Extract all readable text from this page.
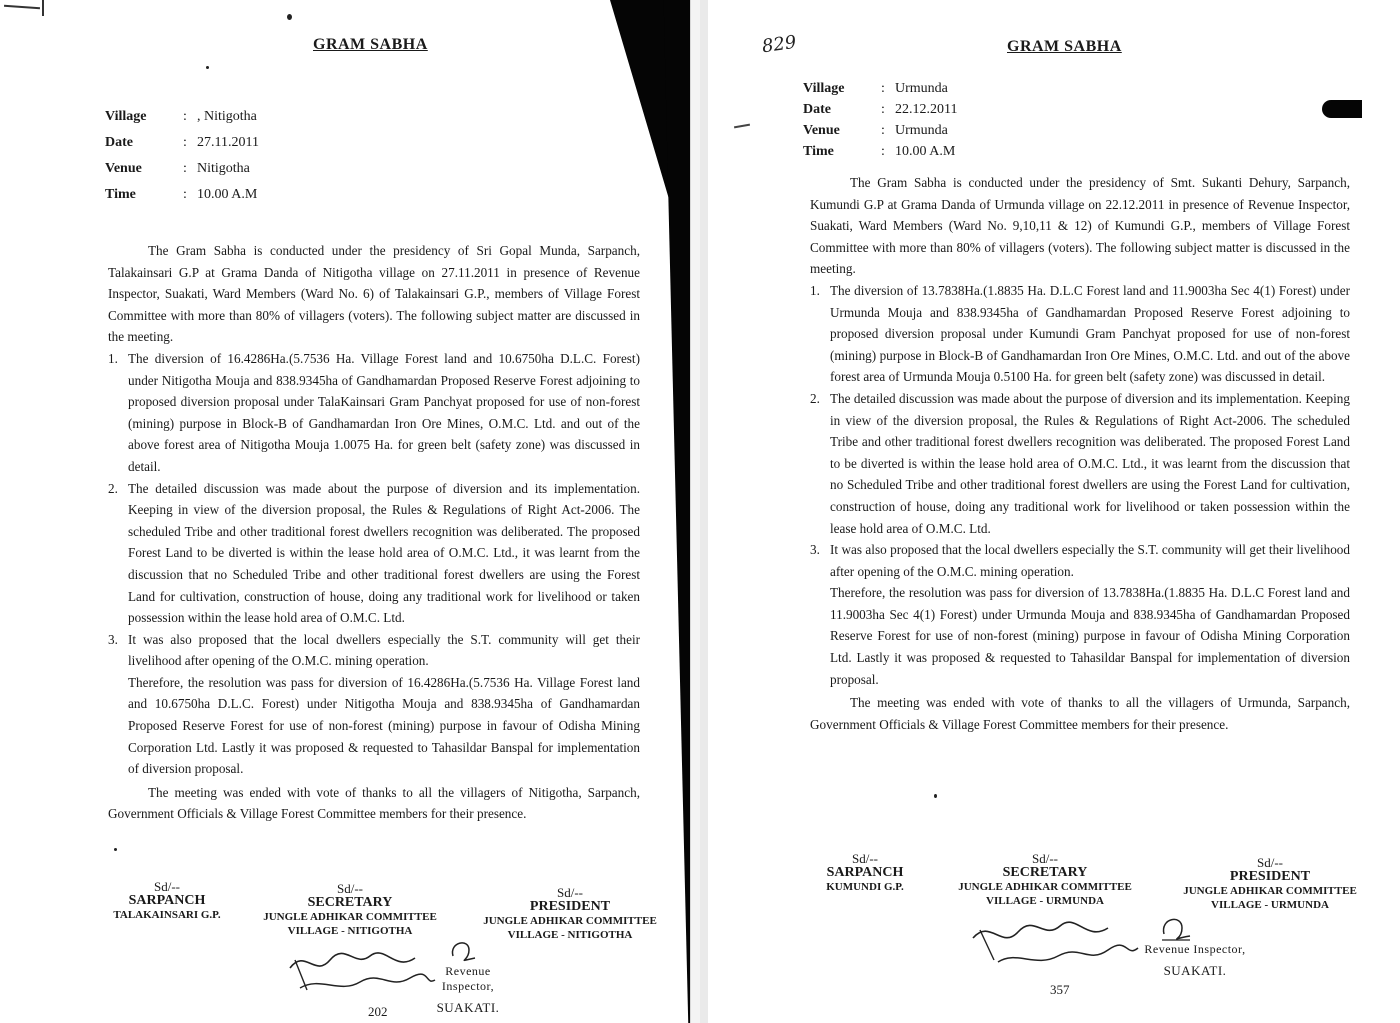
GRAM SABHA
Village	: , Nitigotha
Date	: 27.11.2011
Venue	: Nitigotha
Time	: 10.00 A.M

The Gram Sabha is conducted under the presidency of Sri Gopal Munda, Sarpanch, Talakainsari G.P at Grama Danda of Nitigotha village on 27.11.2011 in presence of Revenue Inspector, Suakati, Ward Members (Ward No. 6) of Talakainsari G.P., members of Village Forest Committee with more than 80% of villagers (voters). The following subject matter are discussed in the meeting.

1. The diversion of 16.4286Ha.(5.7536 Ha. Village Forest land and 10.6750ha D.L.C. Forest) under Nitigotha Mouja and 838.9345ha of Gandhamardan Proposed Reserve Forest adjoining to proposed diversion proposal under TalaKainsari Gram Panchyat proposed for use of non-forest (mining) purpose in Block-B of Gandhamardan Iron Ore Mines, O.M.C. Ltd. and out of the above forest area of Nitigotha Mouja 1.0075 Ha. for green belt (safety zone) was discussed in detail.
2. The detailed discussion was made about the purpose of diversion and its implementation. Keeping in view of the diversion proposal, the Rules & Regulations of Right Act-2006. The scheduled Tribe and other traditional forest dwellers recognition was deliberated. The proposed Forest Land to be diverted is within the lease hold area of O.M.C. Ltd., it was learnt from the discussion that no Scheduled Tribe and other traditional forest dwellers are using the Forest Land for cultivation, construction of house, doing any traditional work for livelihood or taken possession within the lease hold area of O.M.C. Ltd.
3. It was also proposed that the local dwellers especially the S.T. community will get their livelihood after opening of the O.M.C. mining operation.

Therefore, the resolution was pass for diversion of 16.4286Ha.(5.7536 Ha. Village Forest land and 10.6750ha D.L.C. Forest) under Nitigotha Mouja and 838.9345ha of Gandhamardan Proposed Reserve Forest for use of non-forest (mining) purpose in favour of Odisha Mining Corporation Ltd. Lastly it was proposed & requested to Tahasildar Banspal for implementation of diversion proposal.

The meeting was ended with vote of thanks to all the villagers of Nitigotha, Sarpanch, Government Officials & Village Forest Committee members for their presence.

Sd/--
SARPANCH
TALAKAINSARI G.P.
Sd/--
SECRETARY
JUNGLE ADHIKAR COMMITTEE
VILLAGE - NITIGOTHA
Sd/--
PRESIDENT
JUNGLE ADHIKAR COMMITTEE
VILLAGE - NITIGOTHA
Revenue Inspector,
SUAKATI.
202
829	GRAM SABHA
Village	: Urmunda
Date	: 22.12.2011
Venue	: Urmunda
Time	: 10.00 A.M

The Gram Sabha is conducted under the presidency of Smt. Sukanti Dehury, Sarpanch, Kumundi G.P at Grama Danda of Urmunda village on 22.12.2011 in presence of Revenue Inspector, Suakati, Ward Members (Ward No. 9,10,11 & 12) of Kumundi G.P., members of Village Forest Committee with more than 80% of villagers (voters). The following subject matter is discussed in the meeting.

1. The diversion of 13.7838Ha.(1.8835 Ha. D.L.C Forest land and 11.9003ha Sec 4(1) Forest) under Urmunda Mouja and 838.9345ha of Gandhamardan Proposed Reserve Forest adjoining to proposed diversion proposal under Kumundi Gram Panchyat proposed for use of non-forest (mining) purpose in Block-B of Gandhamardan Iron Ore Mines, O.M.C. Ltd. and out of the above forest area of Urmunda Mouja 0.5100 Ha. for green belt (safety zone) was discussed in detail.
2. The detailed discussion was made about the purpose of diversion and its implementation. Keeping in view of the diversion proposal, the Rules & Regulations of Right Act-2006. The scheduled Tribe and other traditional forest dwellers recognition was deliberated. The proposed Forest Land to be diverted is within the lease hold area of O.M.C. Ltd., it was learnt from the discussion that no Scheduled Tribe and other traditional forest dwellers are using the Forest Land for cultivation, construction of house, doing any traditional work for livelihood or taken possession within the lease hold area of O.M.C. Ltd.
3. It was also proposed that the local dwellers especially the S.T. community will get their livelihood after opening of the O.M.C. mining operation.

Therefore, the resolution was pass for diversion of 13.7838Ha.(1.8835 Ha. D.L.C Forest land and 11.9003ha Sec 4(1) Forest) under Urmunda Mouja and 838.9345ha of Gandhamardan Proposed Reserve Forest for use of non-forest (mining) purpose in favour of Odisha Mining Corporation Ltd. Lastly it was proposed & requested to Tahasildar Banspal for implementation of diversion proposal.

The meeting was ended with vote of thanks to all the villagers of Urmunda, Sarpanch, Government Officials & Village Forest Committee members for their presence.

Sd/--
SARPANCH
KUMUNDI G.P.
Sd/--
SECRETARY
JUNGLE ADHIKAR COMMITTEE
VILLAGE - URMUNDA
Sd/--
PRESIDENT
JUNGLE ADHIKAR COMMITTEE
VILLAGE - URMUNDA
Revenue Inspector,
SUAKATI.
357
